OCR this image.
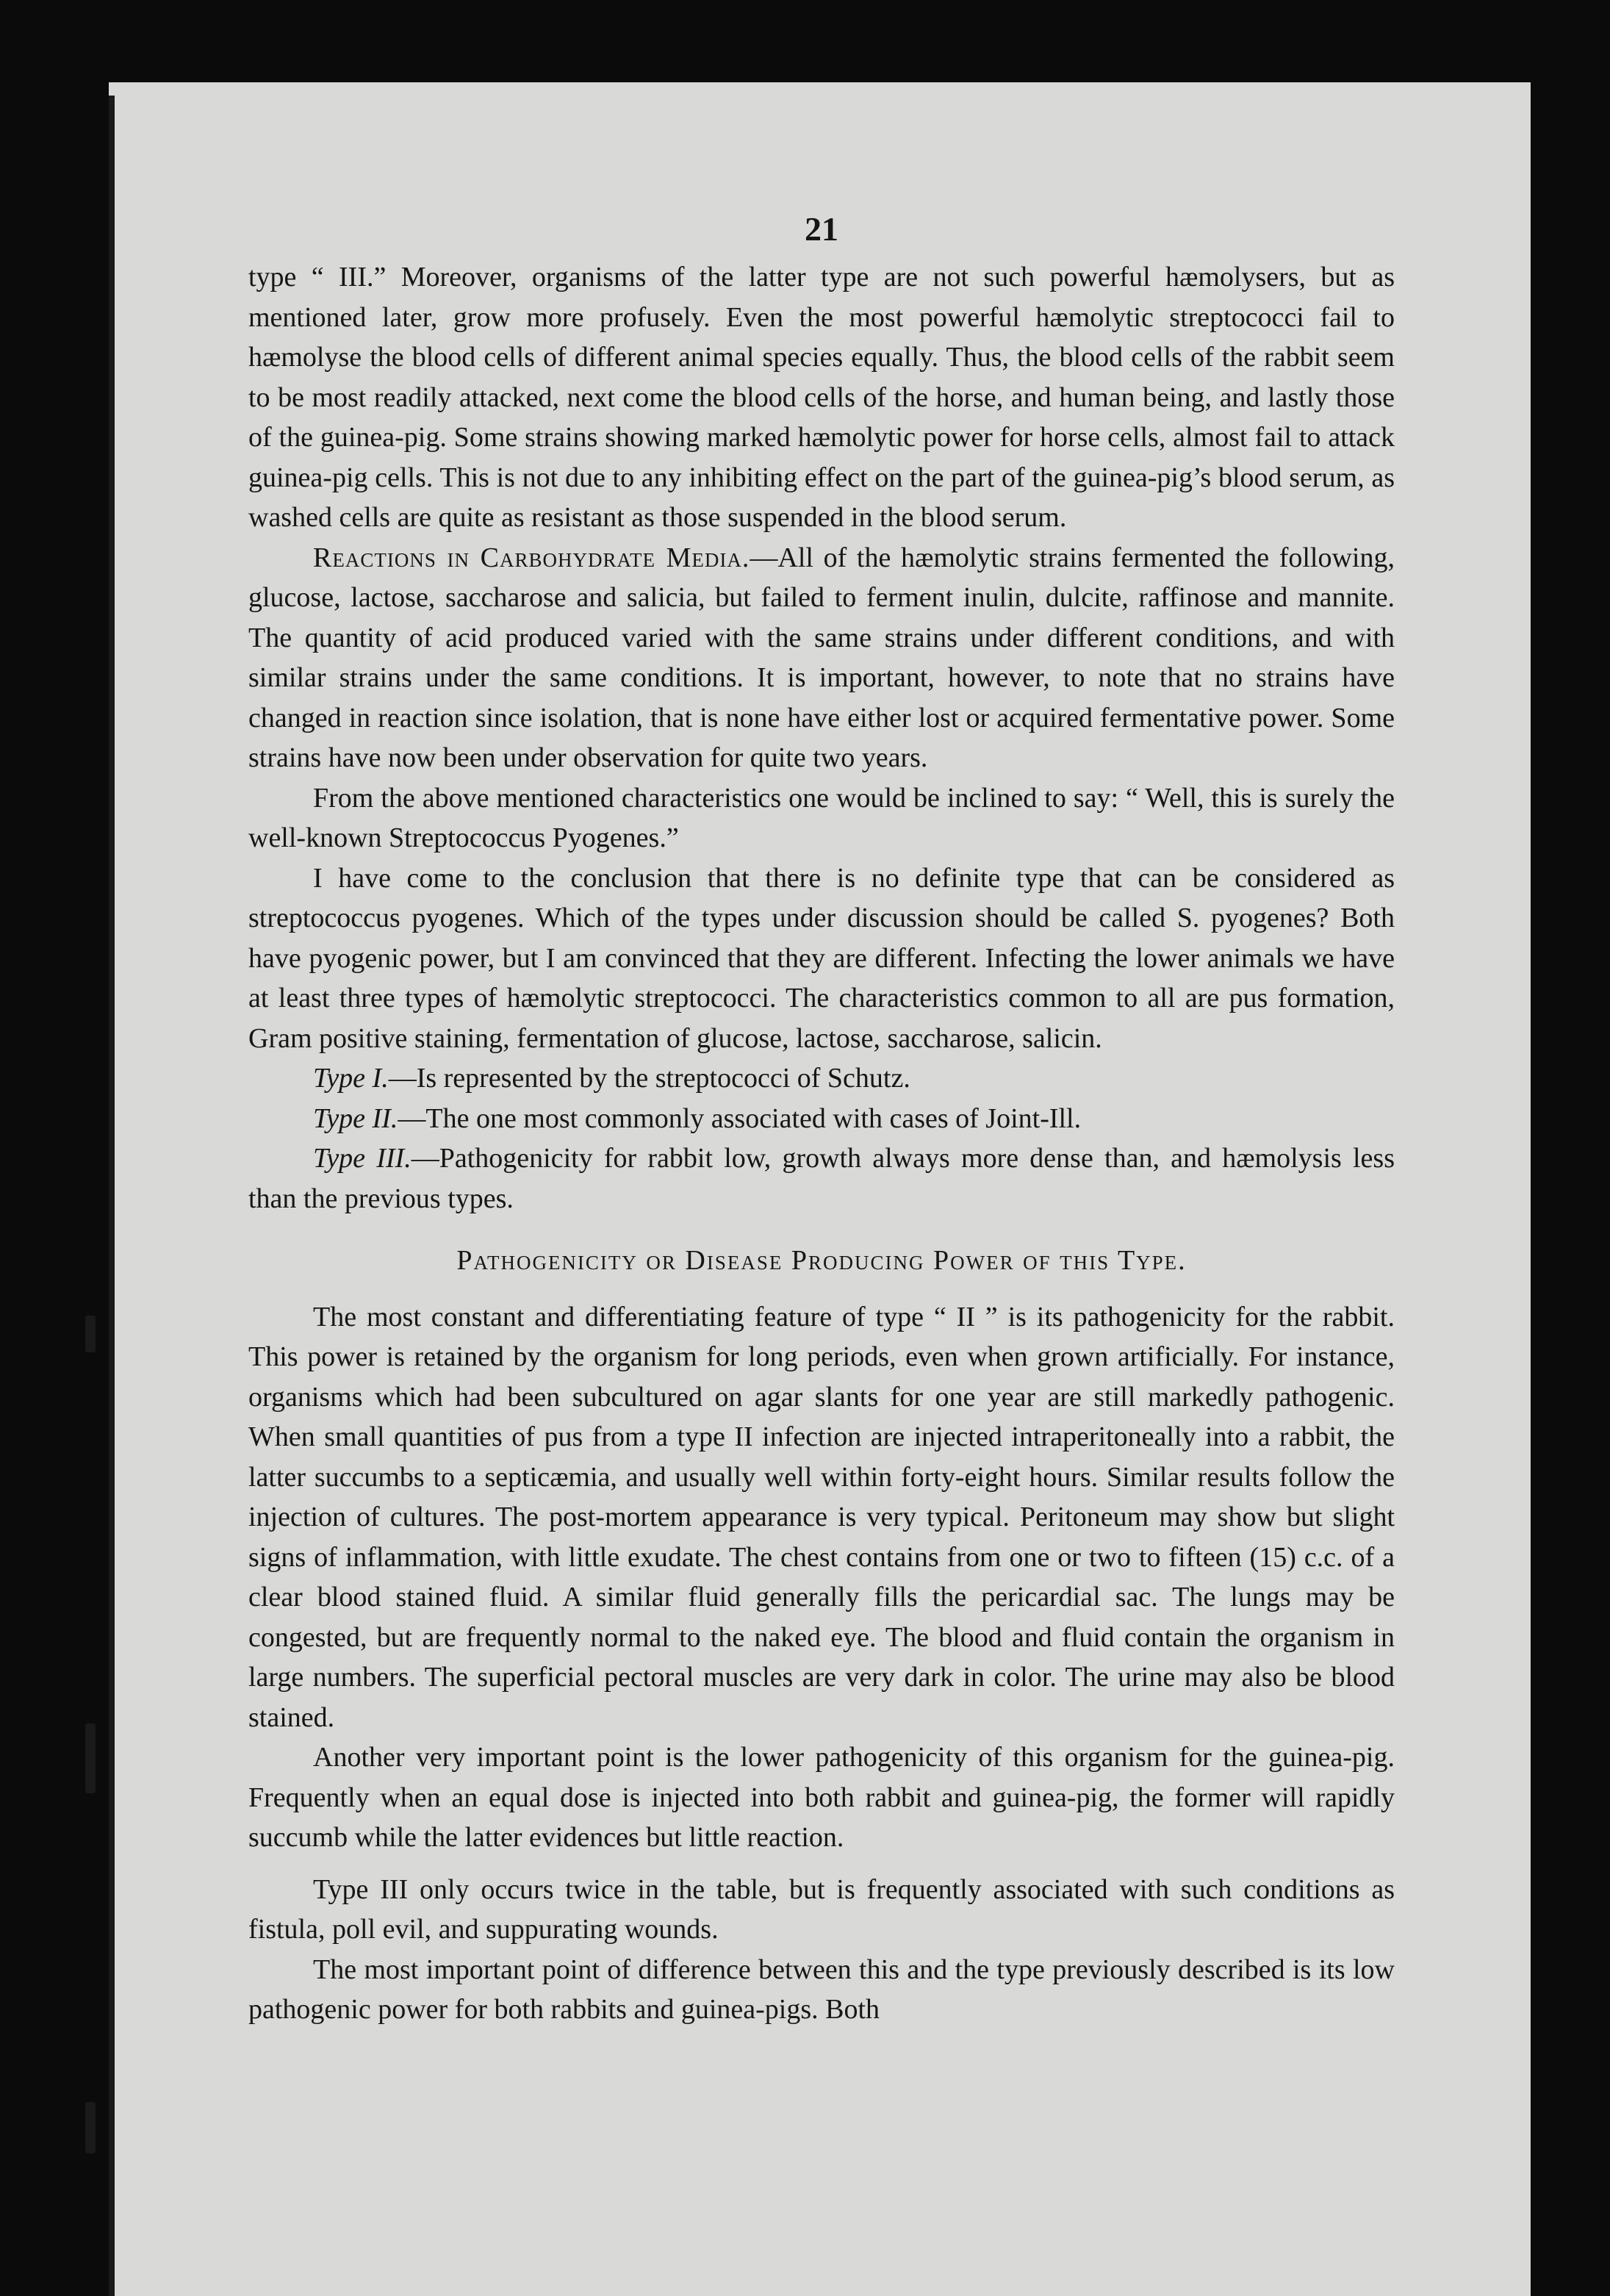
21

type “ III.” Moreover, organisms of the latter type are not such powerful hæmolysers, but as mentioned later, grow more profusely. Even the most powerful hæmolytic streptococci fail to hæmolyse the blood cells of different animal species equally. Thus, the blood cells of the rabbit seem to be most readily attacked, next come the blood cells of the horse, and human being, and lastly those of the guinea-pig. Some strains showing marked hæmolytic power for horse cells, almost fail to attack guinea-pig cells. This is not due to any inhibiting effect on the part of the guinea-pig’s blood serum, as washed cells are quite as resistant as those suspended in the blood serum.

Reactions in Carbohydrate Media.—All of the hæmolytic strains fermented the following, glucose, lactose, saccharose and salicia, but failed to ferment inulin, dulcite, raffinose and mannite. The quantity of acid produced varied with the same strains under different conditions, and with similar strains under the same conditions. It is important, however, to note that no strains have changed in reaction since isolation, that is none have either lost or acquired fermentative power. Some strains have now been under observation for quite two years.

From the above mentioned characteristics one would be inclined to say: “ Well, this is surely the well-known Streptococcus Pyogenes.”

I have come to the conclusion that there is no definite type that can be considered as streptococcus pyogenes. Which of the types under discussion should be called S. pyogenes? Both have pyogenic power, but I am convinced that they are different. Infecting the lower animals we have at least three types of hæmolytic streptococci. The characteristics common to all are pus formation, Gram positive staining, fermentation of glucose, lactose, saccharose, salicin.

Type I.—Is represented by the streptococci of Schutz.

Type II.—The one most commonly associated with cases of Joint-Ill.

Type III.—Pathogenicity for rabbit low, growth always more dense than, and hæmolysis less than the previous types.

Pathogenicity or Disease Producing Power of this Type.

The most constant and differentiating feature of type “ II ” is its pathogenicity for the rabbit. This power is retained by the organism for long periods, even when grown artificially. For instance, organisms which had been subcultured on agar slants for one year are still markedly pathogenic. When small quantities of pus from a type II infection are injected intraperitoneally into a rabbit, the latter succumbs to a septicæmia, and usually well within forty-eight hours. Similar results follow the injection of cultures. The post-mortem appearance is very typical. Peritoneum may show but slight signs of inflammation, with little exudate. The chest contains from one or two to fifteen (15) c.c. of a clear blood stained fluid. A similar fluid generally fills the pericardial sac. The lungs may be congested, but are frequently normal to the naked eye. The blood and fluid contain the organism in large numbers. The superficial pectoral muscles are very dark in color. The urine may also be blood stained.

Another very important point is the lower pathogenicity of this organism for the guinea-pig. Frequently when an equal dose is injected into both rabbit and guinea-pig, the former will rapidly succumb while the latter evidences but little reaction.

Type III only occurs twice in the table, but is frequently associated with such conditions as fistula, poll evil, and suppurating wounds.

The most important point of difference between this and the type previously described is its low pathogenic power for both rabbits and guinea-pigs. Both
